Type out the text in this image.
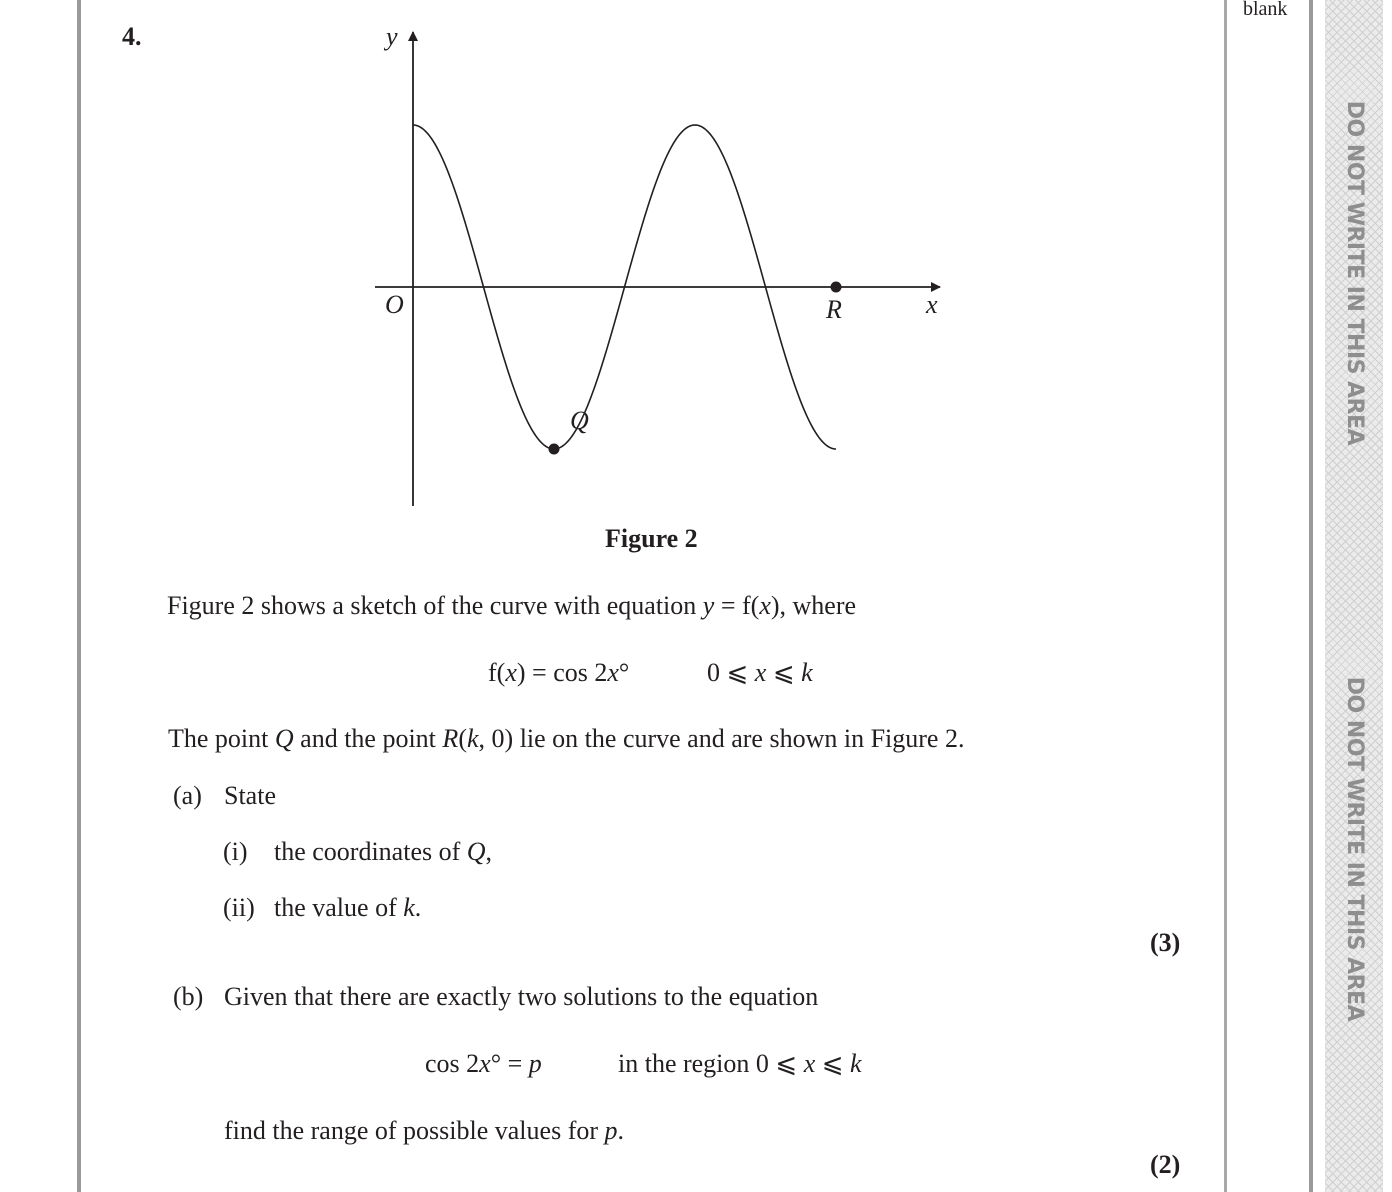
DO NOT WRITE IN THIS AREA
DO NOT WRITE IN THIS AREA
blank
4.	y
x
O	R
Q
Figure 2
Figure 2 shows a sketch of the curve with equation y = f(x), where
f(x) = cos 2x°	0 ⩽ x ⩽ k
The point Q and the point R(k, 0) lie on the curve and are shown in Figure 2.
(a) State
(i) the coordinates of Q,
(ii) the value of k.
(3)
(b) Given that there are exactly two solutions to the equation
cos 2x° = p	in the region 0 ⩽ x ⩽ k
find the range of possible values for p.
(2)
